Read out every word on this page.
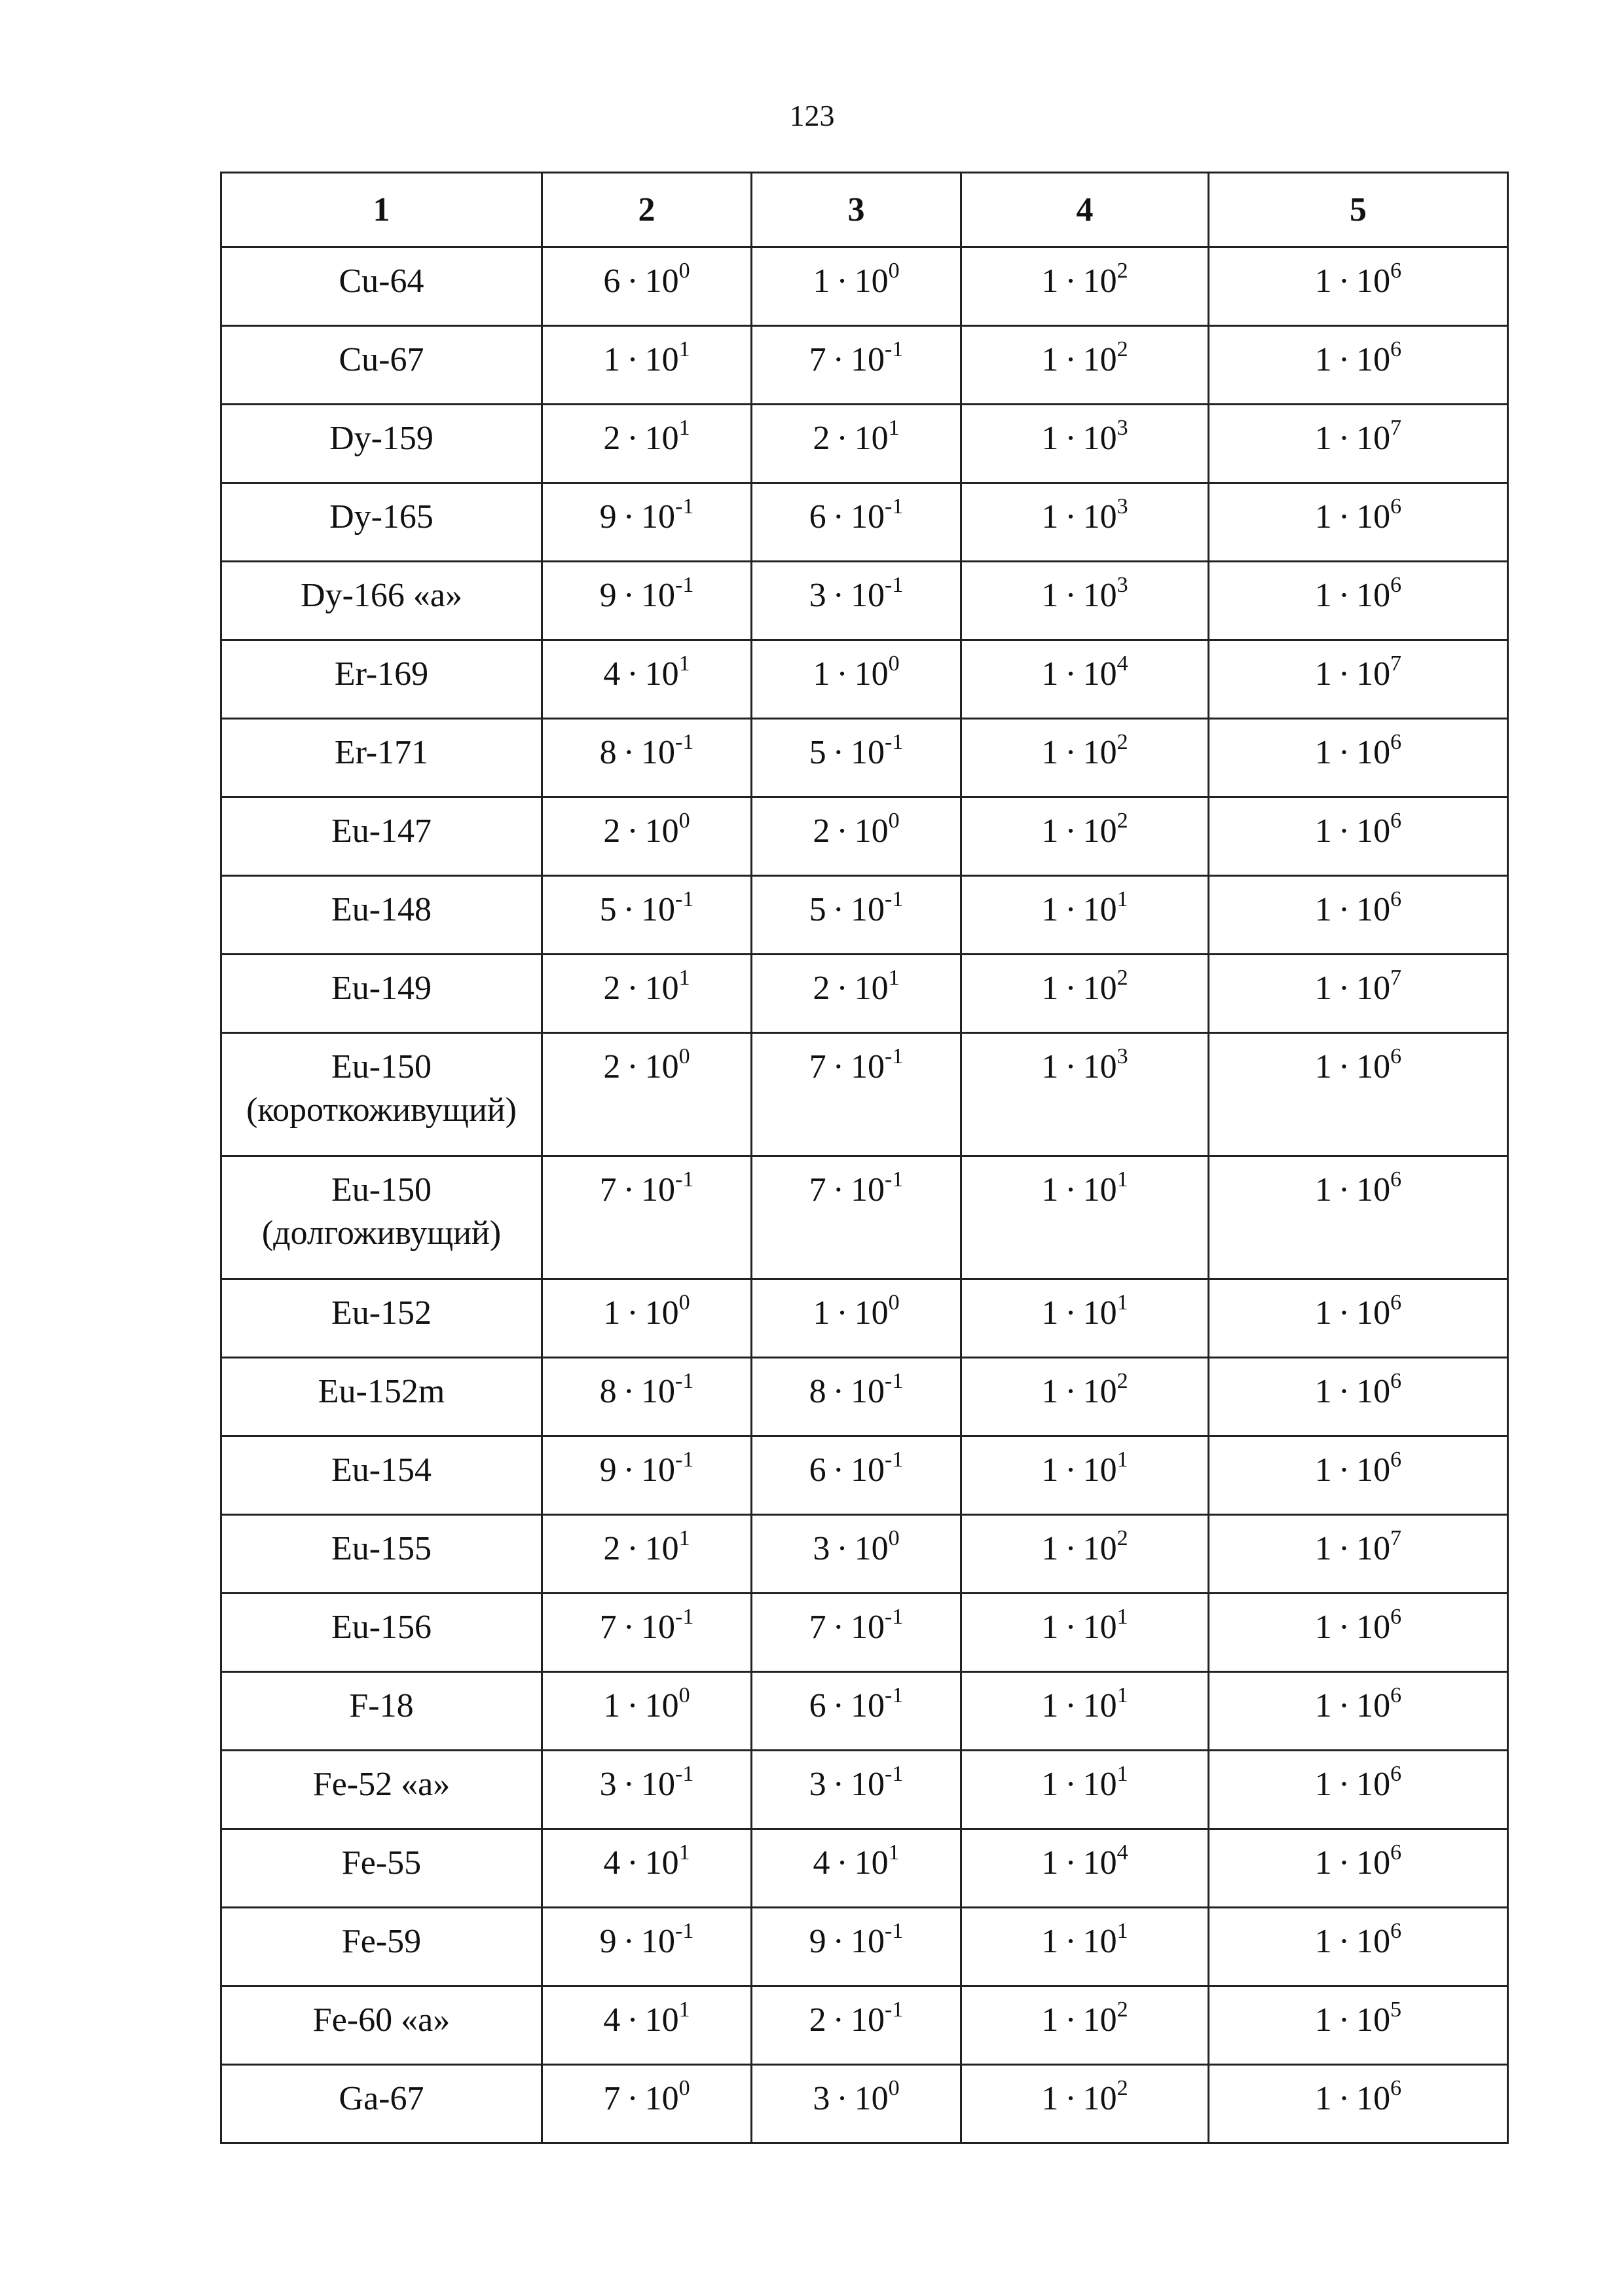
123
1	2	3	4	5

Cu-64	$6 \cdot 10^0$	$1 \cdot 10^0$	$1 \cdot 10^2$	$1 \cdot 10^6$

Cu-67	$1 \cdot 10^1$	$7 \cdot 10^{-1}$	$1 \cdot 10^2$	$1 \cdot 10^6$

Dy-159	$2 \cdot 10^1$	$2 \cdot 10^1$	$1 \cdot 10^3$	$1 \cdot 10^7$

Dy-165	$9 \cdot 10^{-1}$	$6 \cdot 10^{-1}$	$1 \cdot 10^3$	$1 \cdot 10^6$

Dy-166 «a»	$9 \cdot 10^{-1}$	$3 \cdot 10^{-1}$	$1 \cdot 10^3$	$1 \cdot 10^6$

Er-169	$4 \cdot 10^1$	$1 \cdot 10^0$	$1 \cdot 10^4$	$1 \cdot 10^7$

Er-171	$8 \cdot 10^{-1}$	$5 \cdot 10^{-1}$	$1 \cdot 10^2$	$1 \cdot 10^6$

Eu-147	$2 \cdot 10^0$	$2 \cdot 10^0$	$1 \cdot 10^2$	$1 \cdot 10^6$

Eu-148	$5 \cdot 10^{-1}$	$5 \cdot 10^{-1}$	$1 \cdot 10^1$	$1 \cdot 10^6$

Eu-149	$2 \cdot 10^1$	$2 \cdot 10^1$	$1 \cdot 10^2$	$1 \cdot 10^7$

Eu-150
(короткоживущий)	$2 \cdot 10^0$	$7 \cdot 10^{-1}$	$1 \cdot 10^3$	$1 \cdot 10^6$

Eu-150
(долгоживущий)	$7 \cdot 10^{-1}$	$7 \cdot 10^{-1}$	$1 \cdot 10^1$	$1 \cdot 10^6$

Eu-152	$1 \cdot 10^0$	$1 \cdot 10^0$	$1 \cdot 10^1$	$1 \cdot 10^6$

Eu-152m	$8 \cdot 10^{-1}$	$8 \cdot 10^{-1}$	$1 \cdot 10^2$	$1 \cdot 10^6$

Eu-154	$9 \cdot 10^{-1}$	$6 \cdot 10^{-1}$	$1 \cdot 10^1$	$1 \cdot 10^6$

Eu-155	$2 \cdot 10^1$	$3 \cdot 10^0$	$1 \cdot 10^2$	$1 \cdot 10^7$

Eu-156	$7 \cdot 10^{-1}$	$7 \cdot 10^{-1}$	$1 \cdot 10^1$	$1 \cdot 10^6$

F-18	$1 \cdot 10^0$	$6 \cdot 10^{-1}$	$1 \cdot 10^1$	$1 \cdot 10^6$

Fe-52 «a»	$3 \cdot 10^{-1}$	$3 \cdot 10^{-1}$	$1 \cdot 10^1$	$1 \cdot 10^6$

Fe-55	$4 \cdot 10^1$	$4 \cdot 10^1$	$1 \cdot 10^4$	$1 \cdot 10^6$

Fe-59	$9 \cdot 10^{-1}$	$9 \cdot 10^{-1}$	$1 \cdot 10^1$	$1 \cdot 10^6$

Fe-60 «a»	$4 \cdot 10^1$	$2 \cdot 10^{-1}$	$1 \cdot 10^2$	$1 \cdot 10^5$

Ga-67	$7 \cdot 10^0$	$3 \cdot 10^0$	$1 \cdot 10^2$	$1 \cdot 10^6$
